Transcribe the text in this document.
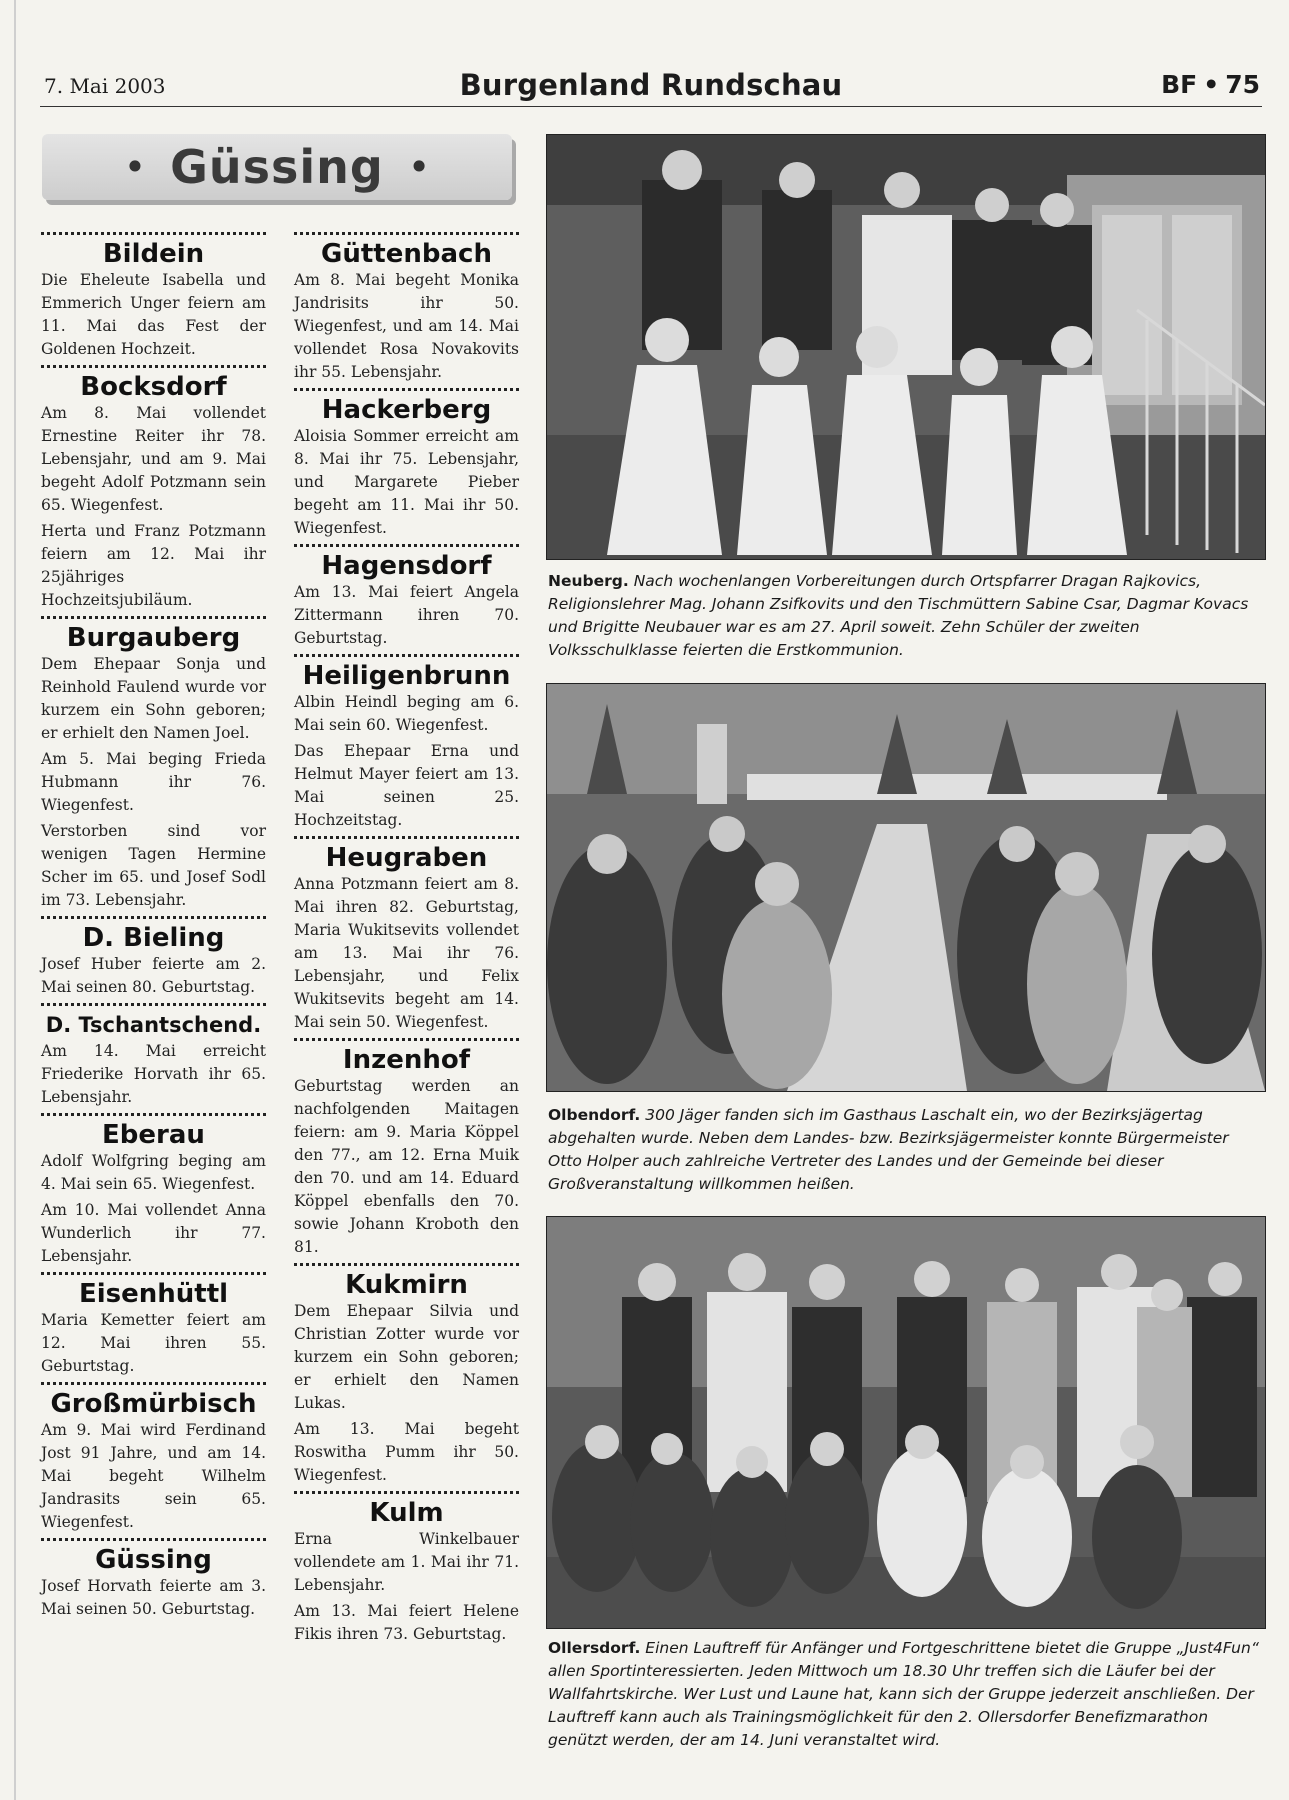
7. Mai 2003	Burgenland Rundschau	BF • 75
• Güssing •
Bildein

Die Eheleute Isabella und Emmerich Unger feiern am 11. Mai das Fest der Goldenen Hochzeit.

Bocksdorf

Am 8. Mai vollendet Ernestine Reiter ihr 78. Lebensjahr, und am 9. Mai begeht Adolf Potzmann sein 65. Wiegenfest.

Herta und Franz Potzmann feiern am 12. Mai ihr 25jähriges Hochzeitsjubiläum.

Burgauberg

Dem Ehepaar Sonja und Reinhold Faulend wurde vor kurzem ein Sohn geboren; er erhielt den Namen Joel.

Am 5. Mai beging Frieda Hubmann ihr 76. Wiegenfest.

Verstorben sind vor wenigen Tagen Hermine Scher im 65. und Josef Sodl im 73. Lebensjahr.

D. Bieling

Josef Huber feierte am 2. Mai seinen 80. Geburtstag.

D. Tschantschend.

Am 14. Mai erreicht Friederike Horvath ihr 65. Lebensjahr.

Eberau

Adolf Wolfgring beging am 4. Mai sein 65. Wiegenfest.

Am 10. Mai vollendet Anna Wunderlich ihr 77. Lebensjahr.

Eisenhüttl

Maria Kemetter feiert am 12. Mai ihren 55. Geburtstag.

Großmürbisch

Am 9. Mai wird Ferdinand Jost 91 Jahre, und am 14. Mai begeht Wilhelm Jandrasits sein 65. Wiegenfest.

Güssing

Josef Horvath feierte am 3. Mai seinen 50. Geburtstag.

Güttenbach

Am 8. Mai begeht Monika Jandrisits ihr 50. Wiegenfest, und am 14. Mai vollendet Rosa Novakovits ihr 55. Lebensjahr.

Hackerberg

Aloisia Sommer erreicht am 8. Mai ihr 75. Lebensjahr, und Margarete Pieber begeht am 11. Mai ihr 50. Wiegenfest.

Hagensdorf

Am 13. Mai feiert Angela Zittermann ihren 70. Geburtstag.

Heiligenbrunn

Albin Heindl beging am 6. Mai sein 60. Wiegenfest.

Das Ehepaar Erna und Helmut Mayer feiert am 13. Mai seinen 25. Hochzeitstag.

Heugraben

Anna Potzmann feiert am 8. Mai ihren 82. Geburtstag, Maria Wukitsevits vollendet am 13. Mai ihr 76. Lebensjahr, und Felix Wukitsevits begeht am 14. Mai sein 50. Wiegenfest.

Inzenhof

Geburtstag werden an nachfolgenden Maitagen feiern: am 9. Maria Köppel den 77., am 12. Erna Muik den 70. und am 14. Eduard Köppel ebenfalls den 70. sowie Johann Kroboth den 81.

Kukmirn

Dem Ehepaar Silvia und Christian Zotter wurde vor kurzem ein Sohn geboren; er erhielt den Namen Lukas.

Am 13. Mai begeht Roswitha Pumm ihr 50. Wiegenfest.

Kulm

Erna Winkelbauer vollendete am 1. Mai ihr 71. Lebensjahr.

Am 13. Mai feiert Helene Fikis ihren 73. Geburtstag.

Neuberg. Nach wochenlangen Vorbereitungen durch Ortspfarrer Dragan Rajkovics, Religionslehrer Mag. Johann Zsifkovits und den Tischmüttern Sabine Csar, Dagmar Kovacs und Brigitte Neubauer war es am 27. April soweit. Zehn Schüler der zweiten Volksschulklasse feierten die Erstkommunion.
Olbendorf. 300 Jäger fanden sich im Gasthaus Laschalt ein, wo der Bezirksjägertag abgehalten wurde. Neben dem Landes- bzw. Bezirksjägermeister konnte Bürgermeister Otto Holper auch zahlreiche Vertreter des Landes und der Gemeinde bei dieser Großveranstaltung willkommen heißen.
Ollersdorf. Einen Lauftreff für Anfänger und Fortgeschrittene bietet die Gruppe „Just4Fun“ allen Sportinteressierten. Jeden Mittwoch um 18.30 Uhr treffen sich die Läufer bei der Wallfahrtskirche. Wer Lust und Laune hat, kann sich der Gruppe jederzeit anschließen. Der Lauftreff kann auch als Trainingsmöglichkeit für den 2. Ollersdorfer Benefizmarathon genützt werden, der am 14. Juni veranstaltet wird.
